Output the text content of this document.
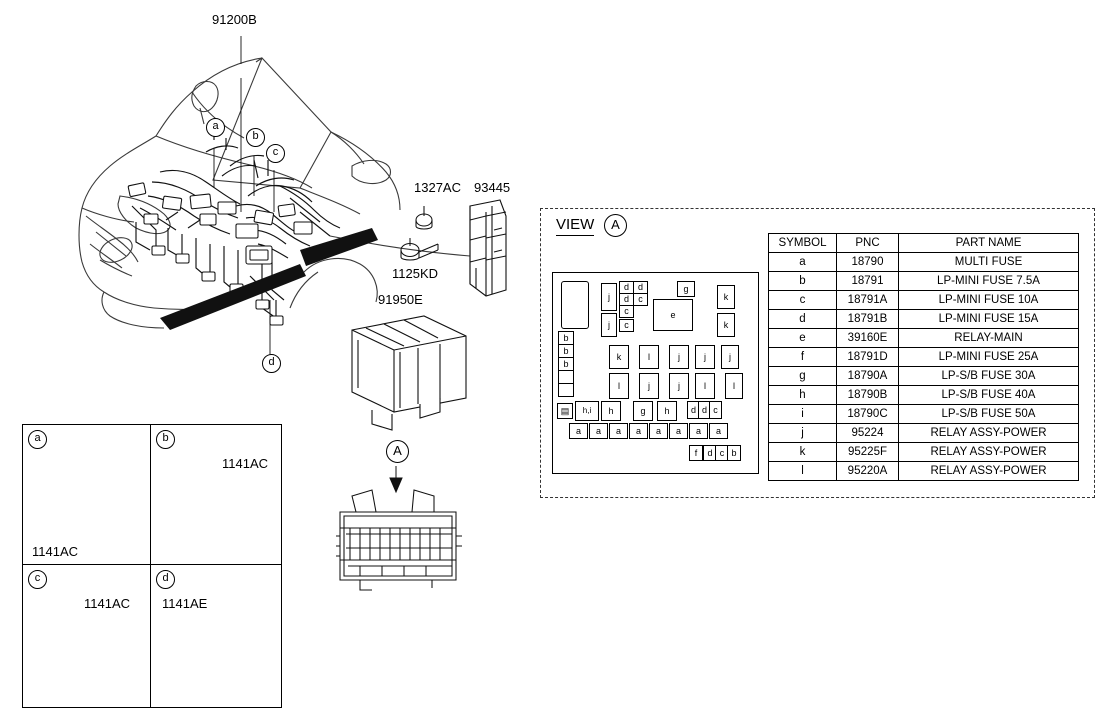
91200B
1327AC 93445
1125KD
91950E
a
b
c
d
A
a	b
c	d
1141AC
1141AC
1141AC 1141AE
VIEW	A
b
b
b
j
d d
d	c
c
j	c
g
e
k
k
j
l
k	l	j	j
l	j	j	l
▤	h,i	h	g	h	d d c
a	a	a	a	a	a	a	a
f	d c b
SYMBOL	PNC	PART NAME
a	18790	MULTI FUSE
b	18791	LP-MINI FUSE 7.5A
c	18791A	LP-MINI FUSE 10A
d	18791B	LP-MINI FUSE 15A
e	39160E	RELAY-MAIN
f	18791D	LP-MINI FUSE 25A
g	18790A	LP-S/B FUSE 30A
h	18790B	LP-S/B FUSE 40A
i	18790C	LP-S/B FUSE 50A
j	95224	RELAY ASSY-POWER
k	95225F	RELAY ASSY-POWER
l	95220A	RELAY ASSY-POWER
